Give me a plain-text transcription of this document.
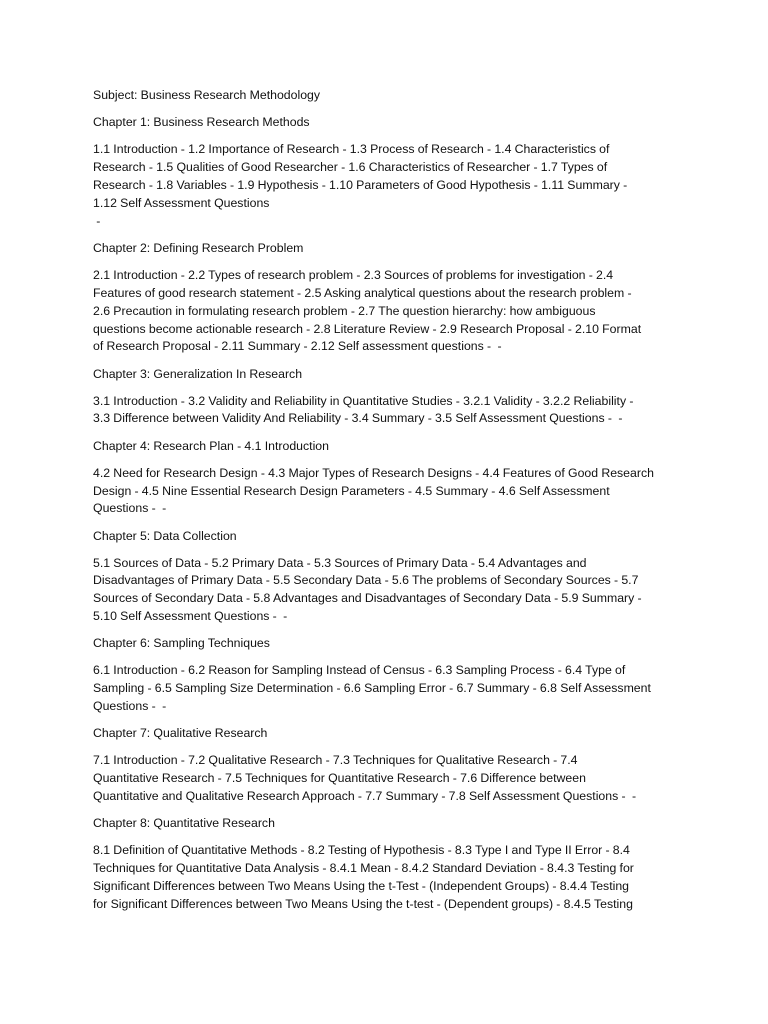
Subject: Business Research Methodology
Chapter 1: Business Research Methods
1.1 Introduction - 1.2 Importance of Research - 1.3 Process of Research - 1.4 Characteristics of
Research - 1.5 Qualities of Good Researcher - 1.6 Characteristics of Researcher - 1.7 Types of
Research - 1.8 Variables - 1.9 Hypothesis - 1.10 Parameters of Good Hypothesis - 1.11 Summary -
1.12 Self Assessment Questions
-
Chapter 2: Defining Research Problem
2.1 Introduction - 2.2 Types of research problem - 2.3 Sources of problems for investigation - 2.4
Features of good research statement - 2.5 Asking analytical questions about the research problem -
2.6 Precaution in formulating research problem - 2.7 The question hierarchy: how ambiguous
questions become actionable research - 2.8 Literature Review - 2.9 Research Proposal - 2.10 Format
of Research Proposal - 2.11 Summary - 2.12 Self assessment questions -  -
Chapter 3: Generalization In Research
3.1 Introduction - 3.2 Validity and Reliability in Quantitative Studies - 3.2.1 Validity - 3.2.2 Reliability -
3.3 Difference between Validity And Reliability - 3.4 Summary - 3.5 Self Assessment Questions -  -
Chapter 4: Research Plan - 4.1 Introduction
4.2 Need for Research Design - 4.3 Major Types of Research Designs - 4.4 Features of Good Research
Design - 4.5 Nine Essential Research Design Parameters - 4.5 Summary - 4.6 Self Assessment
Questions -  -
Chapter 5: Data Collection
5.1 Sources of Data - 5.2 Primary Data - 5.3 Sources of Primary Data - 5.4 Advantages and
Disadvantages of Primary Data - 5.5 Secondary Data - 5.6 The problems of Secondary Sources - 5.7
Sources of Secondary Data - 5.8 Advantages and Disadvantages of Secondary Data - 5.9 Summary -
5.10 Self Assessment Questions -  -
Chapter 6: Sampling Techniques
6.1 Introduction - 6.2 Reason for Sampling Instead of Census - 6.3 Sampling Process - 6.4 Type of
Sampling - 6.5 Sampling Size Determination - 6.6 Sampling Error - 6.7 Summary - 6.8 Self Assessment
Questions -  -
Chapter 7: Qualitative Research
7.1 Introduction - 7.2 Qualitative Research - 7.3 Techniques for Qualitative Research - 7.4
Quantitative Research - 7.5 Techniques for Quantitative Research - 7.6 Difference between
Quantitative and Qualitative Research Approach - 7.7 Summary - 7.8 Self Assessment Questions -  -
Chapter 8: Quantitative Research
8.1 Definition of Quantitative Methods - 8.2 Testing of Hypothesis - 8.3 Type I and Type II Error - 8.4
Techniques for Quantitative Data Analysis - 8.4.1 Mean - 8.4.2 Standard Deviation - 8.4.3 Testing for
Significant Differences between Two Means Using the t-Test - (Independent Groups) - 8.4.4 Testing
for Significant Differences between Two Means Using the t-test - (Dependent groups) - 8.4.5 Testing
